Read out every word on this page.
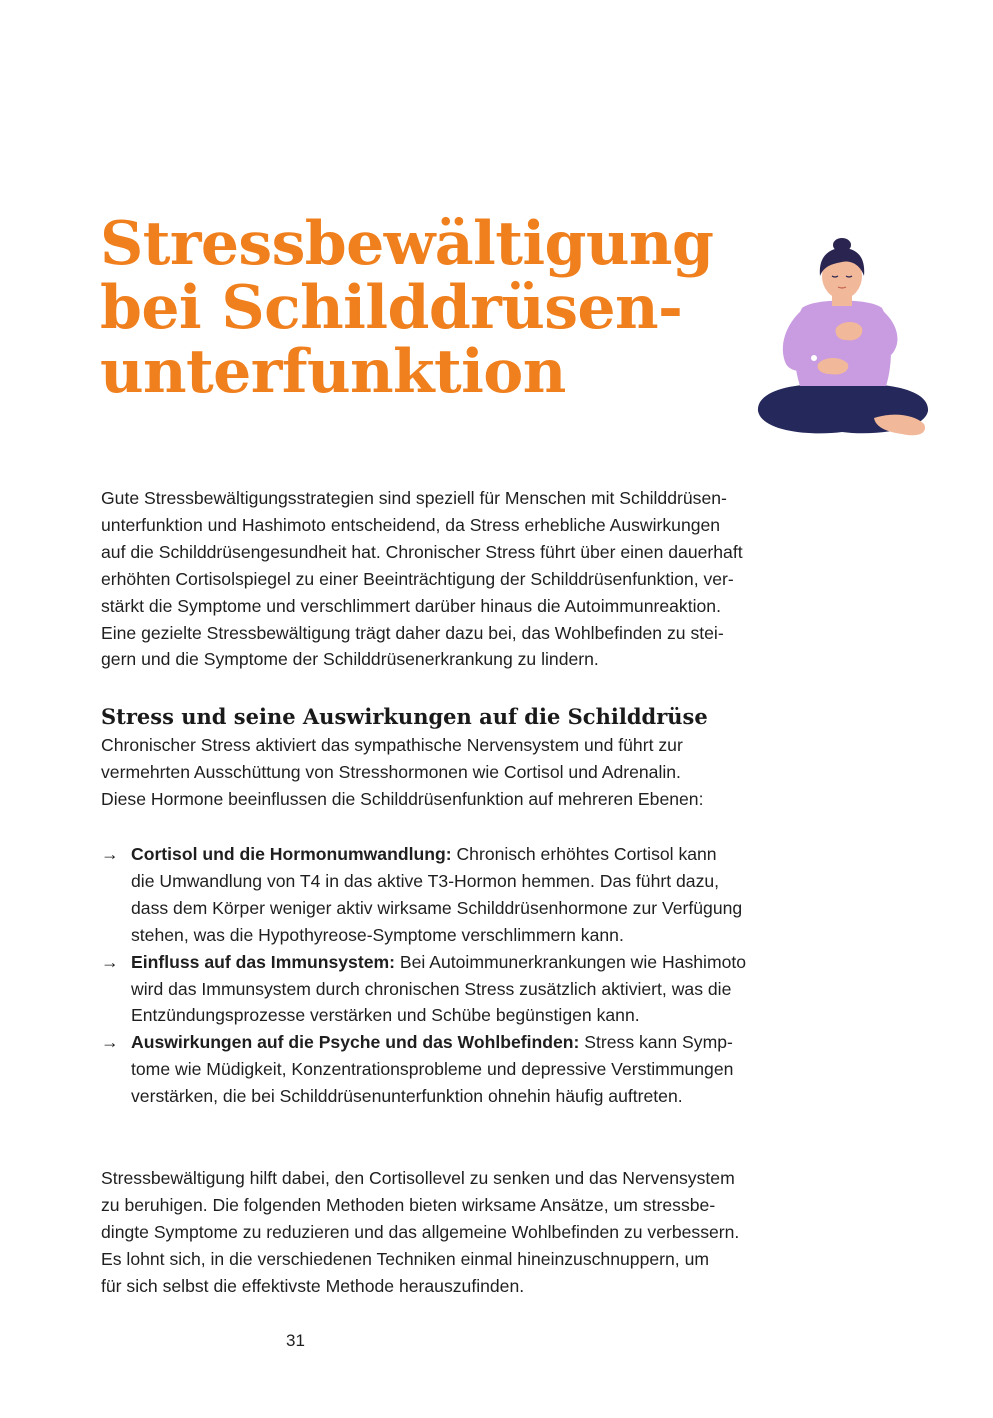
Stressbewältigung
bei Schilddrüsen-
unterfunktion

Gute Stressbewältigungsstrategien sind speziell für Menschen mit Schilddrüsen-
unterfunktion und Hashimoto entscheidend, da Stress erhebliche Auswirkungen
auf die Schilddrüsengesundheit hat. Chronischer Stress führt über einen dauerhaft
erhöhten Cortisolspiegel zu einer Beeinträchtigung der Schilddrüsenfunktion, ver-
stärkt die Symptome und verschlimmert darüber hinaus die Autoimmunreaktion.
Eine gezielte Stressbewältigung trägt daher dazu bei, das Wohlbefinden zu stei-
gern und die Symptome der Schilddrüsenerkrankung zu lindern.

Stress und seine Auswirkungen auf die Schilddrüse

Chronischer Stress aktiviert das sympathische Nervensystem und führt zur
vermehrten Ausschüttung von Stresshormonen wie Cortisol und Adrenalin.
Diese Hormone beeinflussen die Schilddrüsenfunktion auf mehreren Ebenen:

→ Cortisol und die Hormonumwandlung: Chronisch erhöhtes Cortisol kann
die Umwandlung von T4 in das aktive T3-Hormon hemmen. Das führt dazu,
dass dem Körper weniger aktiv wirksame Schilddrüsenhormone zur Verfügung
stehen, was die Hypothyreose-Symptome verschlimmern kann.
→ Einfluss auf das Immunsystem: Bei Autoimmunerkrankungen wie Hashimoto
wird das Immunsystem durch chronischen Stress zusätzlich aktiviert, was die
Entzündungsprozesse verstärken und Schübe begünstigen kann.
→ Auswirkungen auf die Psyche und das Wohlbefinden: Stress kann Symp-
tome wie Müdigkeit, Konzentrationsprobleme und depressive Verstimmungen
verstärken, die bei Schilddrüsenunterfunktion ohnehin häufig auftreten.

Stressbewältigung hilft dabei, den Cortisollevel zu senken und das Nervensystem
zu beruhigen. Die folgenden Methoden bieten wirksame Ansätze, um stressbe-
dingte Symptome zu reduzieren und das allgemeine Wohlbefinden zu verbessern.
Es lohnt sich, in die verschiedenen Techniken einmal hineinzuschnuppern, um
für sich selbst die effektivste Methode herauszufinden.

31
